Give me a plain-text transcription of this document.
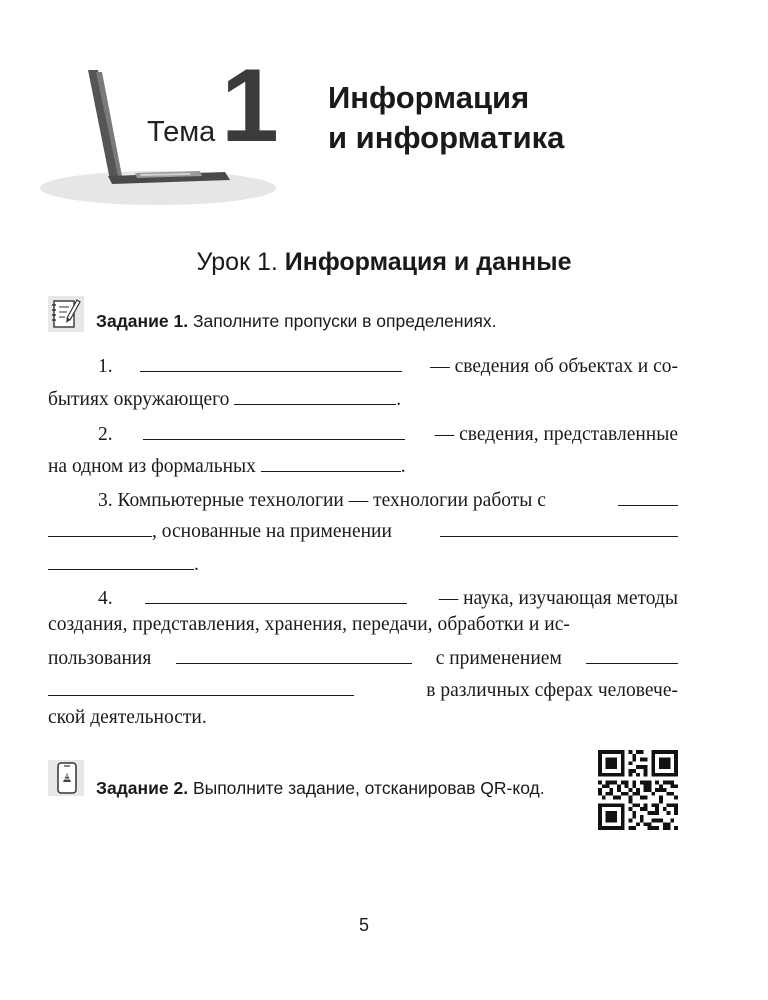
Тема 1 Информация
и информатика
Урок 1. Информация и данные
Задание 1. Заполните пропуски в определениях.
1.	— сведения об объектах и со-
бытиях окружающего	.
2.	— сведения, представленные
на одном из формальных	.
3. Компьютерные технологии — технологии работы с
, основанные на применении
.
4.	— наука, изучающая методы
создания, представления, хранения, передачи, обработки и ис-
пользования	с применением
в различных сферах человече-
ской деятельности.
Задание 2. Выполните задание, отсканировав QR-код.
5
